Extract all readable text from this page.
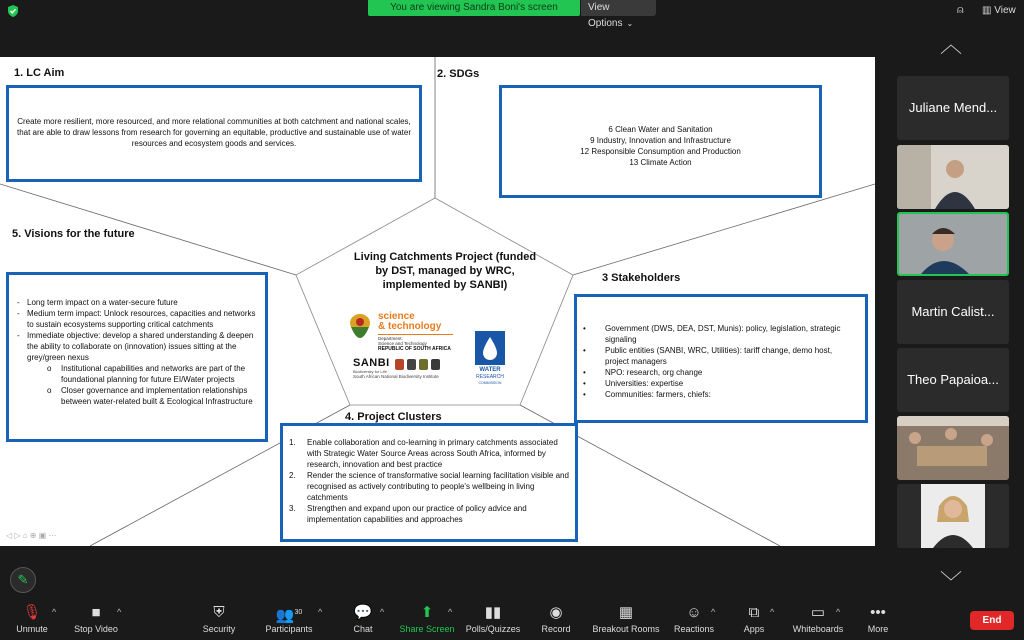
You are viewing Sandra Boni's screen	View Options ⌄
⍝ ▥ View
1. LC Aim
Create more resilient, more resourced, and more relational communities at both catchment and national scales, that are able to draw lessons from research for governing an equitable, productive and sustainable use of water resources and ecosystem goods and services.
2. SDGs
6 Clean Water and Sanitation
9 Industry, Innovation and Infrastructure
12 Responsible Consumption and Production
13 Climate Action
5. Visions for the future
- Long term impact on a water-secure future
- Medium term impact: Unlock resources, capacities and networks to sustain ecosystems supporting critical catchments
- Immediate objective: develop a shared understanding & deepen the ability to collaborate on (innovation) issues sitting at the grey/green nexus
o	Institutional capabilities and networks are part of the foundational planning for future EI/Water projects
o	Closer governance and implementation relationships between water-related built & Ecological Infrastructure
Living Catchments Project (funded by DST, managed by WRC, implemented by SANBI)
science
& technology
Department:
Science and Technology
REPUBLIC OF SOUTH AFRICA
SANBI
Biodiversity for Life
South African National Biodiversity Institute
WATER
RESEARCH
COMMISSION
3 Stakeholders
•	Government (DWS, DEA, DST, Munis): policy, legislation, strategic signaling
•	Public entities (SANBI, WRC, Utilities): tariff change, demo host, project managers
•	NPO: research, org change
•	Universities: expertise
•	Communities: farmers, chiefs:
4. Project Clusters
1.	Enable collaboration and co-learning in primary catchments associated with Strategic Water Source Areas across South Africa, informed by research, innovation and best practice
2.	Render the science of transformative social learning facilitation visible and recognised as actively contributing to people's wellbeing in living catchments
3.	Strengthen and expand upon our practice of policy advice and implementation capabilities and approaches
◁ ▷ ⌂ ⊕ ▣ ⋯
︿
Juliane Mend...
Martin Calist...
Theo Papaioa...
﹀
✎
🎙
Unmute
^	■
Stop Video
^	⛨
Security
👥$^{30}$
Participants
^ 💬
Chat
^	⬆
Share Screen
^	▮▮
Polls/Quizzes
◉
Record
▦
Breakout Rooms
☺
Reactions
^	⧉
Apps
^	▭
Whiteboards
^	•••
More
End
